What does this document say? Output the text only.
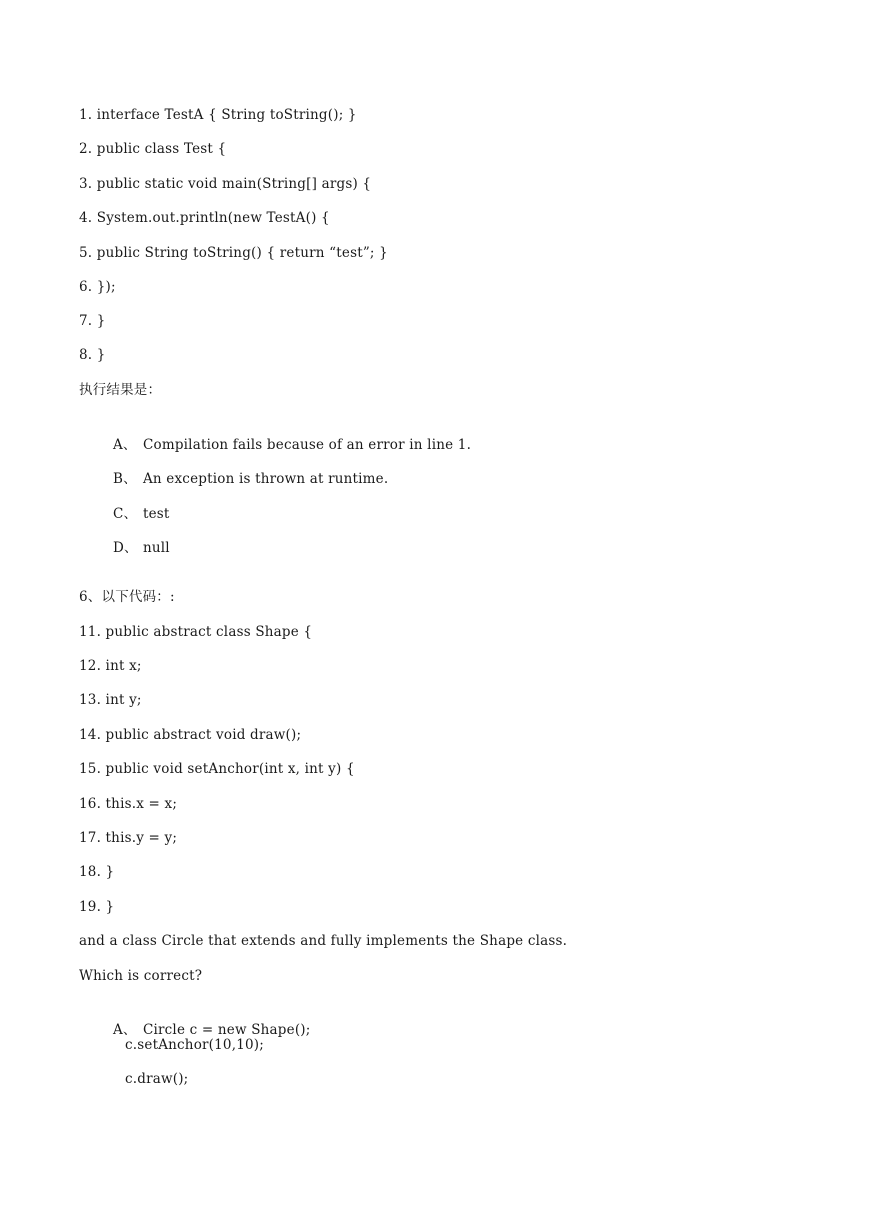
1. interface TestA { String toString(); }
2. public class Test {
3. public static void main(String[] args) {
4. System.out.println(new TestA() {
5. public String toString() { return “test”; }
6. });
7. }
8. }
执行结果是：

A、 Compilation fails because of an error in line 1.

B、 An exception is thrown at runtime.

C、 test

D、 null

6、以下代码：:
11. public abstract class Shape {
12. int x;
13. int y;
14. public abstract void draw();
15. public void setAnchor(int x, int y) {
16. this.x = x;
17. this.y = y;
18. }
19. }
and a class Circle that extends and fully implements the Shape class.
Which is correct?

A、 Circle c = new Shape();

c.setAnchor(10,10);
c.draw();
